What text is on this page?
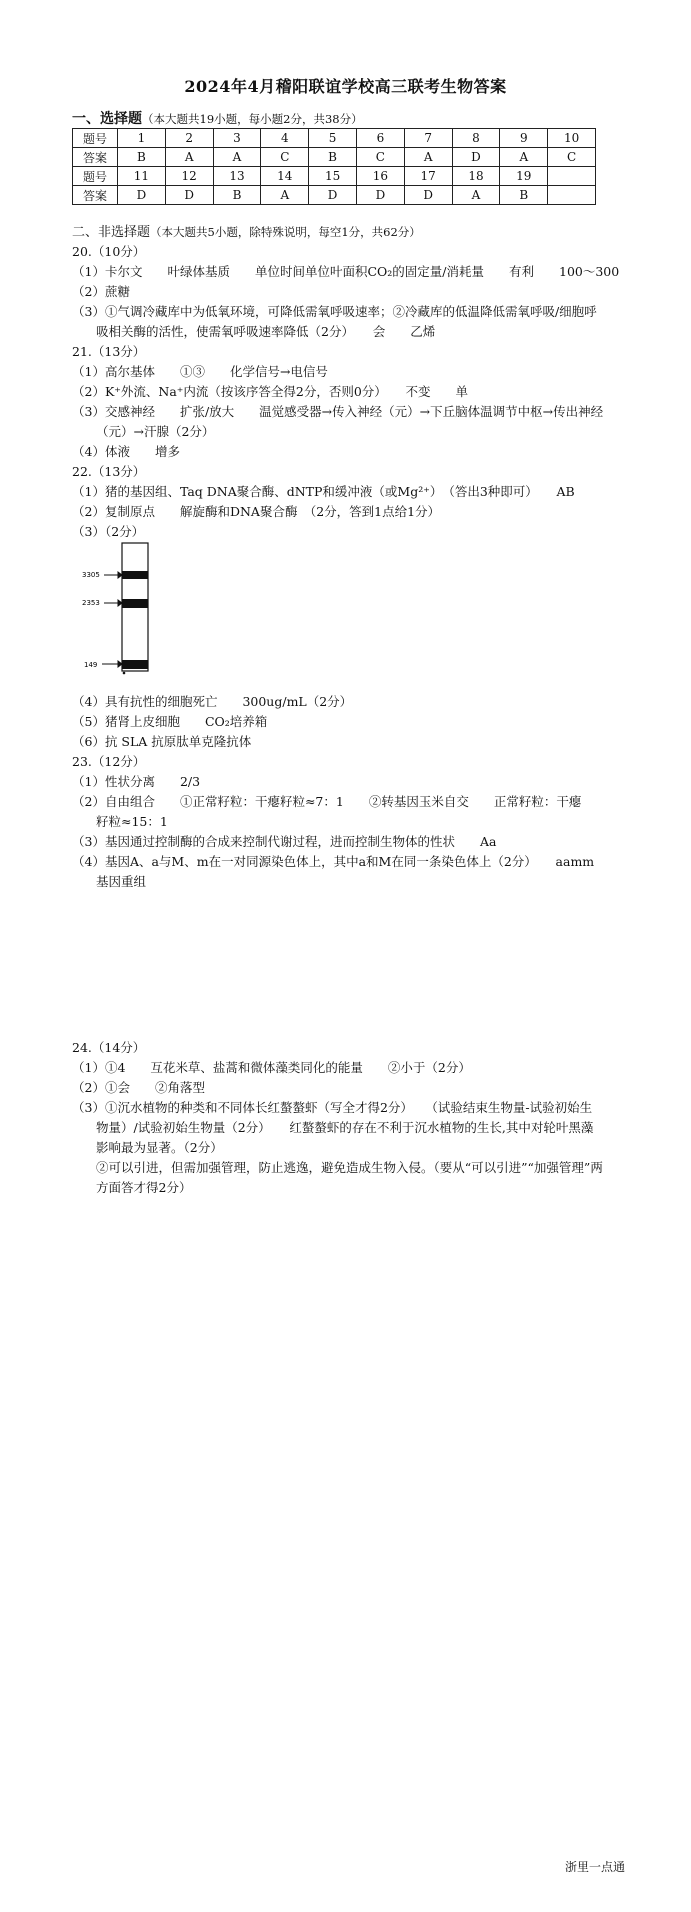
2024年4月稽阳联谊学校高三联考生物答案
一、选择题（本大题共19小题，每小题2分，共38分）
题号	1	2	3	4	5	6	7	8	9	10
答案	B	A	A	C	B	C	A	D	A	C
题号	11	12	13	14	15	16	17	18	19	
答案	D	D	B	A	D	D	D	A	B	
二、非选择题（本大题共5小题，除特殊说明，每空1分，共62分）
20.（10分）
（1）卡尔文　　叶绿体基质　　单位时间单位叶面积CO₂的固定量/消耗量　　有利　　100～300
（2）蔗糖
（3）①气调冷藏库中为低氧环境，可降低需氧呼吸速率；②冷藏库的低温降低需氧呼吸/细胞呼
吸相关酶的活性，使需氧呼吸速率降低（2分）　　会　　乙烯
21.（13分）
（1）高尔基体　　①③　　化学信号→电信号
（2）K⁺外流、Na⁺内流（按该序答全得2分，否则0分）　　不变　　单
（3）交感神经　　扩张/放大　　温觉感受器→传入神经（元）→下丘脑体温调节中枢→传出神经
（元）→汗腺（2分）
（4）体液　　增多
22.（13分）
（1）猪的基因组、Taq DNA聚合酶、dNTP和缓冲液（或Mg²⁺）　（答出3种即可）　　AB
（2）复制原点　　解旋酶和DNA聚合酶　（2分，答到1点给1分）
（3）（2分）
3305
2353
149
（4）具有抗性的细胞死亡　　300ug/mL（2分）
（5）猪肾上皮细胞　　CO₂培养箱
（6）抗 SLA 抗原肽单克隆抗体
23.（12分）
（1）性状分离　　2/3
（2）自由组合　　①正常籽粒：干瘪籽粒≈7：1　　②转基因玉米自交　　正常籽粒：干瘪
籽粒≈15：1
（3）基因通过控制酶的合成来控制代谢过程，进而控制生物体的性状　　Aa
（4）基因A、a与M、m在一对同源染色体上，其中a和M在同一条染色体上（2分）　　aamm
基因重组
24.（14分）
（1）①4　　互花米草、盐蒿和微体藻类同化的能量　　②小于（2分）
（2）①会　　②角落型
（3）①沉水植物的种类和不同体长红螯螯虾（写全才得2分）　　（试验结束生物量-试验初始生
物量）/试验初始生物量（2分）　　红螯螯虾的存在不利于沉水植物的生长,其中对轮叶黑藻
影响最为显著。（2分）
②可以引进，但需加强管理，防止逃逸，避免造成生物入侵。（要从“可以引进”“加强管理”两
方面答才得2分）
浙里一点通
